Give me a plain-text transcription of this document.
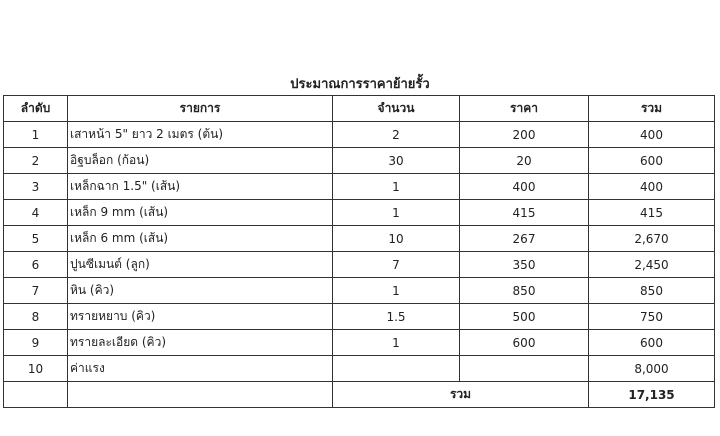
ประมาณการราคาย้ายรั้ว
ลำดับ	รายการ	จำนวน	ราคา	รวม
1	เสาหน้า 5" ยาว 2 เมตร (ต้น)	2	200	400
2	อิฐบล็อก (ก้อน)	30	20	600
3	เหล็กฉาก 1.5" (เส้น)	1	400	400
4	เหล็ก 9 mm (เส้น)	1	415	415
5	เหล็ก 6 mm (เส้น)	10	267	2,670
6	ปูนซีเมนต์ (ลูก)	7	350	2,450
7	หิน (คิว)	1	850	850
8	ทรายหยาบ (คิว)	1.5	500	750
9	ทรายละเอียด (คิว)	1	600	600
10	ค่าแรง			8,000
		รวม		17,135
